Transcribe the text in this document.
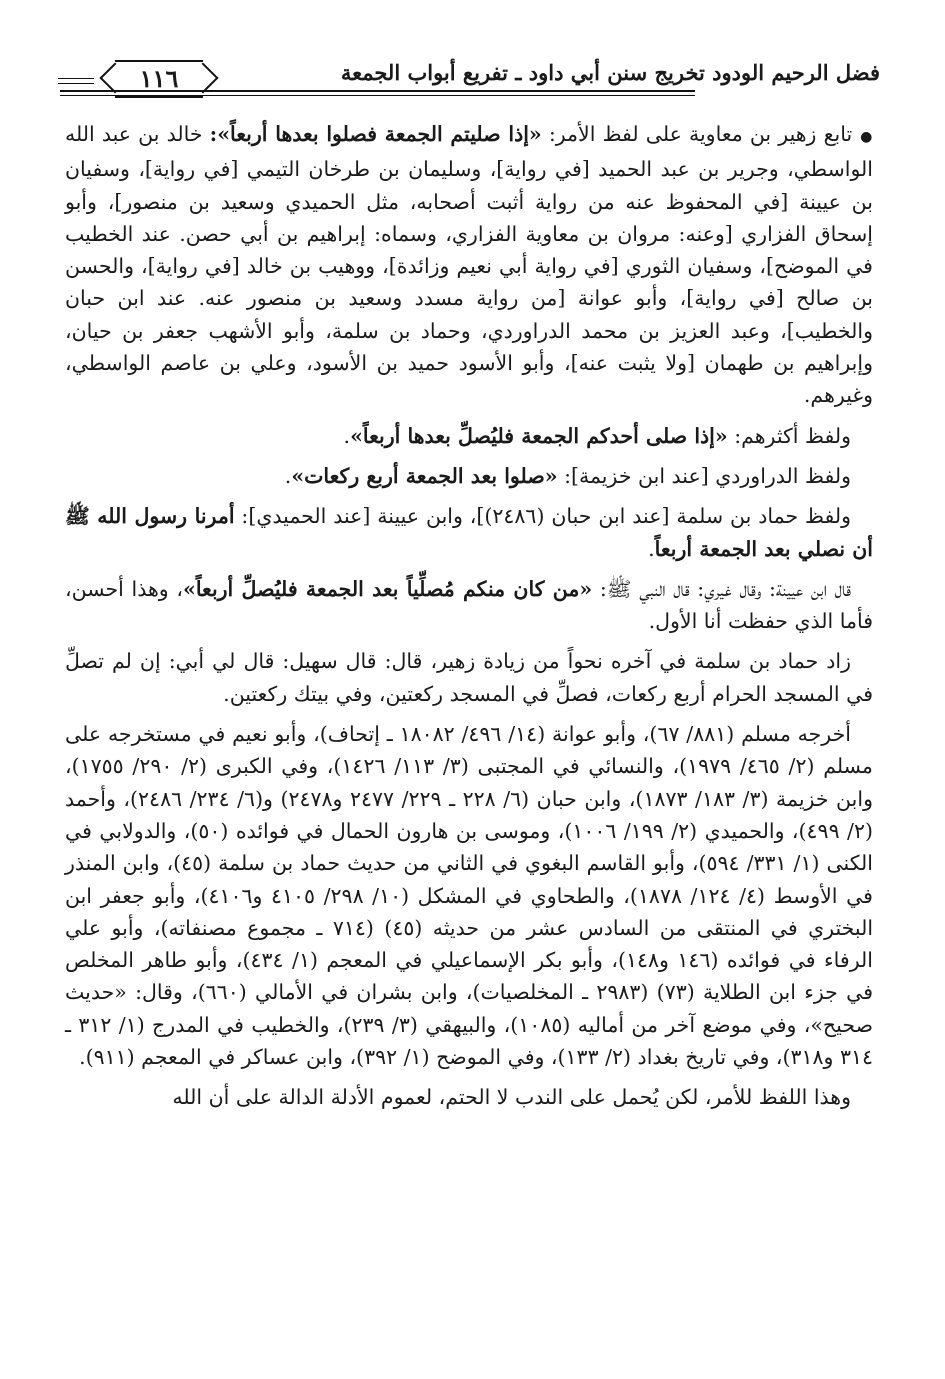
فضل الرحيم الودود تخريج سنن أبي داود ـ تفريع أبواب الجمعة
١١٦

●تابع زهير بن معاوية على لفظ الأمر: «إذا صليتم الجمعة فصلوا بعدها أربعاً»: خالد بن عبد الله الواسطي، وجرير بن عبد الحميد [في رواية]، وسليمان بن طرخان التيمي [في رواية]، وسفيان بن عيينة [في المحفوظ عنه من رواية أثبت أصحابه، مثل الحميدي وسعيد بن منصور]، وأبو إسحاق الفزاري [وعنه: مروان بن معاوية الفزاري، وسماه: إبراهيم بن أبي حصن. عند الخطيب في الموضح]، وسفيان الثوري [في رواية أبي نعيم وزائدة]، ووهيب بن خالد [في رواية]، والحسن بن صالح [في رواية]، وأبو عوانة [من رواية مسدد وسعيد بن منصور عنه. عند ابن حبان والخطيب]، وعبد العزيز بن محمد الدراوردي، وحماد بن سلمة، وأبو الأشهب جعفر بن حيان، وإبراهيم بن طهمان [ولا يثبت عنه]، وأبو الأسود حميد بن الأسود، وعلي بن عاصم الواسطي، وغيرهم.

ولفظ أكثرهم: «إذا صلى أحدكم الجمعة فليُصلِّ بعدها أربعاً».

ولفظ الدراوردي [عند ابن خزيمة]: «صلوا بعد الجمعة أربع ركعات».

ولفظ حماد بن سلمة [عند ابن حبان (٢٤٨٦)]، وابن عيينة [عند الحميدي]: أمرنا رسول الله ﷺ أن نصلي بعد الجمعة أربعاً.

قال ابن عيينة: وقال غيري: قال النبي ﷺ: «من كان منكم مُصلِّياً بعد الجمعة فليُصلِّ أربعاً»، وهذا أحسن، فأما الذي حفظت أنا الأول.

زاد حماد بن سلمة في آخره نحواً من زيادة زهير، قال: قال سهيل: قال لي أبي: إن لم تصلِّ في المسجد الحرام أربع ركعات، فصلِّ في المسجد ركعتين، وفي بيتك ركعتين.

أخرجه مسلم (٨٨١/ ٦٧)، وأبو عوانة (١٤/ ٤٩٦/ ١٨٠٨٢ ـ إتحاف)، وأبو نعيم في مستخرجه على مسلم (٢/ ٤٦٥/ ١٩٧٩)، والنسائي في المجتبى (٣/ ١١٣/ ١٤٢٦)، وفي الكبرى (٢/ ٢٩٠/ ١٧٥٥)، وابن خزيمة (٣/ ١٨٣/ ١٨٧٣)، وابن حبان (٦/ ٢٢٨ ـ ٢٢٩/ ٢٤٧٧ و٢٤٧٨) و(٦/ ٢٣٤/ ٢٤٨٦)، وأحمد (٢/ ٤٩٩)، والحميدي (٢/ ١٩٩/ ١٠٠٦)، وموسى بن هارون الحمال في فوائده (٥٠)، والدولابي في الكنى (١/ ٣٣١/ ٥٩٤)، وأبو القاسم البغوي في الثاني من حديث حماد بن سلمة (٤٥)، وابن المنذر في الأوسط (٤/ ١٢٤/ ١٨٧٨)، والطحاوي في المشكل (١٠/ ٢٩٨/ ٤١٠٥ و٤١٠٦)، وأبو جعفر ابن البختري في المنتقى من السادس عشر من حديثه (٤٥) (٧١٤ ـ مجموع مصنفاته)، وأبو علي الرفاء في فوائده (١٤٦ و١٤٨)، وأبو بكر الإسماعيلي في المعجم (١/ ٤٣٤)، وأبو طاهر المخلص في جزء ابن الطلاية (٧٣) (٢٩٨٣ ـ المخلصيات)، وابن بشران في الأمالي (٦٦٠)، وقال: «حديث صحيح»، وفي موضع آخر من أماليه (١٠٨٥)، والبيهقي (٣/ ٢٣٩)، والخطيب في المدرج (١/ ٣١٢ ـ ٣١٤ و٣١٨)، وفي تاريخ بغداد (٢/ ١٣٣)، وفي الموضح (١/ ٣٩٢)، وابن عساكر في المعجم (٩١١).

وهذا اللفظ للأمر، لكن يُحمل على الندب لا الحتم، لعموم الأدلة الدالة على أن الله
